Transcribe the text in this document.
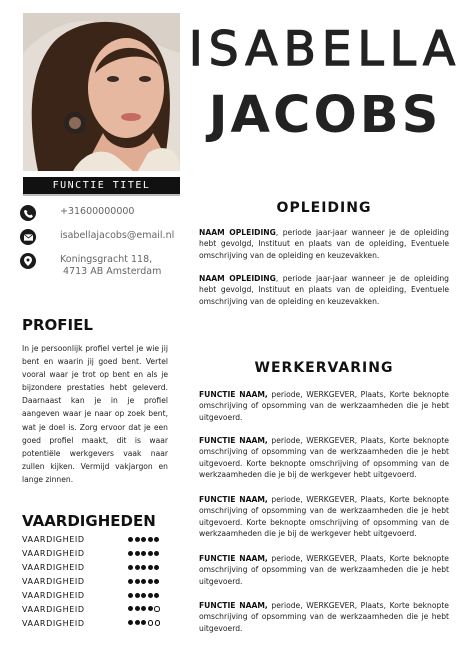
FUNCTIE TITEL
ISABELLA
JACOBS
+31600000000
isabellajacobs@email.nl
Koningsgracht 118,
4713 AB Amsterdam
PROFIEL
In je persoonlijk profiel vertel je wie jij bent en waarin jij goed bent. Vertel vooral waar je trot op bent en als je bijzondere prestaties hebt geleverd. Daarnaast kan je in je profiel aangeven waar je naar op zoek bent, wat je doel is. Zorg ervoor dat je een goed profiel maakt, dit is waar potentiële werkgevers vaak naar zullen kijken. Vermijd vakjargon en lange zinnen.
VAARDIGHEDEN
VAARDIGHEID
VAARDIGHEID
VAARDIGHEID
VAARDIGHEID
VAARDIGHEID
VAARDIGHEID
VAARDIGHEID
OPLEIDING
NAAM OPLEIDING, periode jaar-jaar wanneer je de opleiding hebt gevolgd, Instituut en plaats van de opleiding, Eventuele omschrijving van de opleiding en keuzevakken.
NAAM OPLEIDING, periode jaar-jaar wanneer je de opleiding hebt gevolgd, Instituut en plaats van de opleiding, Eventuele omschrijving van de opleiding en keuzevakken.
WERKERVARING
FUNCTIE NAAM, periode, WERKGEVER, Plaats, Korte beknopte omschrijving of opsomming van de werkzaamheden die je hebt uitgevoerd.
FUNCTIE NAAM, periode, WERKGEVER, Plaats, Korte beknopte omschrijving of opsomming van de werkzaamheden die je hebt uitgevoerd. Korte beknopte omschrijving of opsomming van de werkzaamheden die je bij de werkgever hebt uitgevoerd.
FUNCTIE NAAM, periode, WERKGEVER, Plaats, Korte beknopte omschrijving of opsomming van de werkzaamheden die je hebt uitgevoerd. Korte beknopte omschrijving of opsomming van de werkzaamheden die je bij de werkgever hebt uitgevoerd.
FUNCTIE NAAM, periode, WERKGEVER, Plaats, Korte beknopte omschrijving of opsomming van de werkzaamheden die je hebt uitgevoerd.
FUNCTIE NAAM, periode, WERKGEVER, Plaats, Korte beknopte omschrijving of opsomming van de werkzaamheden die je hebt uitgevoerd.
